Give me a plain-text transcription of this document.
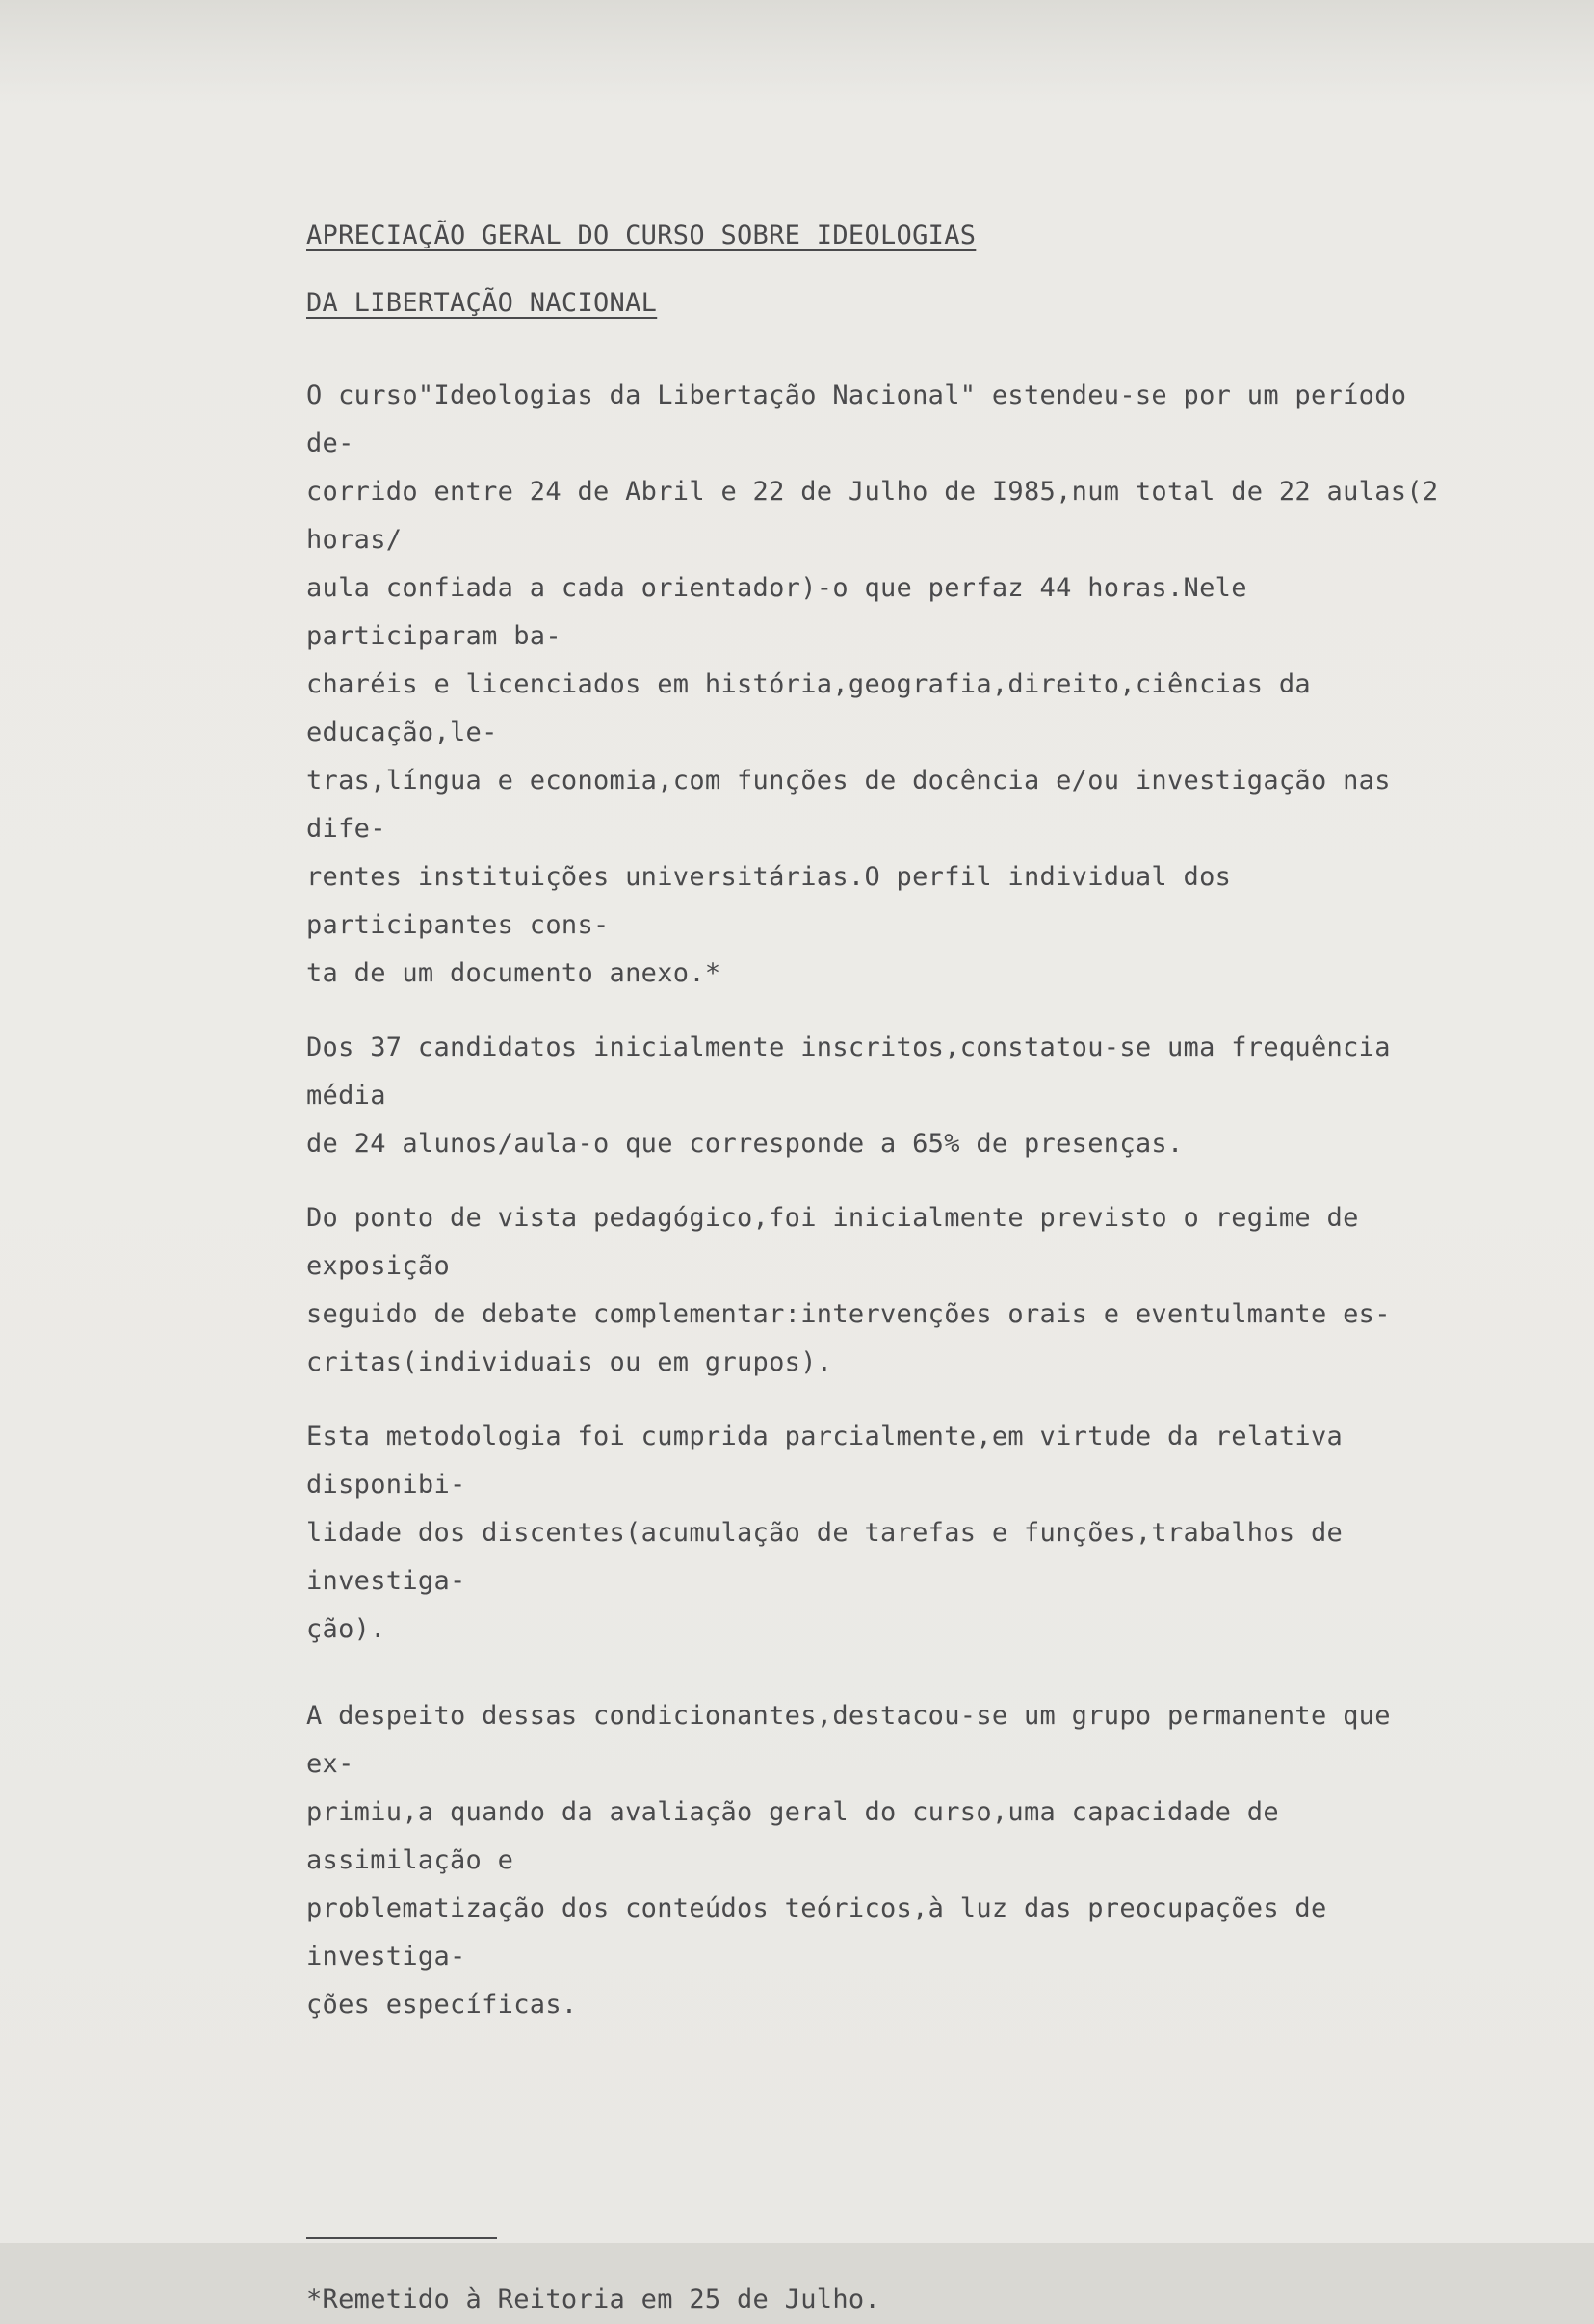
APRECIAÇÃO GERAL DO CURSO SOBRE IDEOLOGIAS
DA LIBERTAÇÃO NACIONAL

O curso"Ideologias da Libertação Nacional" estendeu-se por um período de-
corrido entre 24 de Abril e 22 de Julho de I985,num total de 22 aulas(2 horas/
aula confiada a cada orientador)-o que perfaz 44 horas.Nele participaram ba-
charéis e licenciados em história,geografia,direito,ciências da educação,le-
tras,língua e economia,com funções de docência e/ou investigação nas dife-
rentes instituições universitárias.O perfil individual dos participantes cons-
ta de um documento anexo.*

Dos 37 candidatos inicialmente inscritos,constatou-se uma frequência média
de 24 alunos/aula-o que corresponde a 65% de presenças.

Do ponto de vista pedagógico,foi inicialmente previsto o regime de exposição
seguido de debate complementar:intervenções orais e eventulmante es-
critas(individuais ou em grupos).

Esta metodologia foi cumprida parcialmente,em virtude da relativa disponibi-
lidade dos discentes(acumulação de tarefas e funções,trabalhos de investiga-
ção).

A despeito dessas condicionantes,destacou-se um grupo permanente que ex-
primiu,a quando da avaliação geral do curso,uma capacidade de assimilação e
problematização dos conteúdos teóricos,à luz das preocupações de investiga-
ções específicas.

*Remetido à Reitoria em 25 de Julho.
